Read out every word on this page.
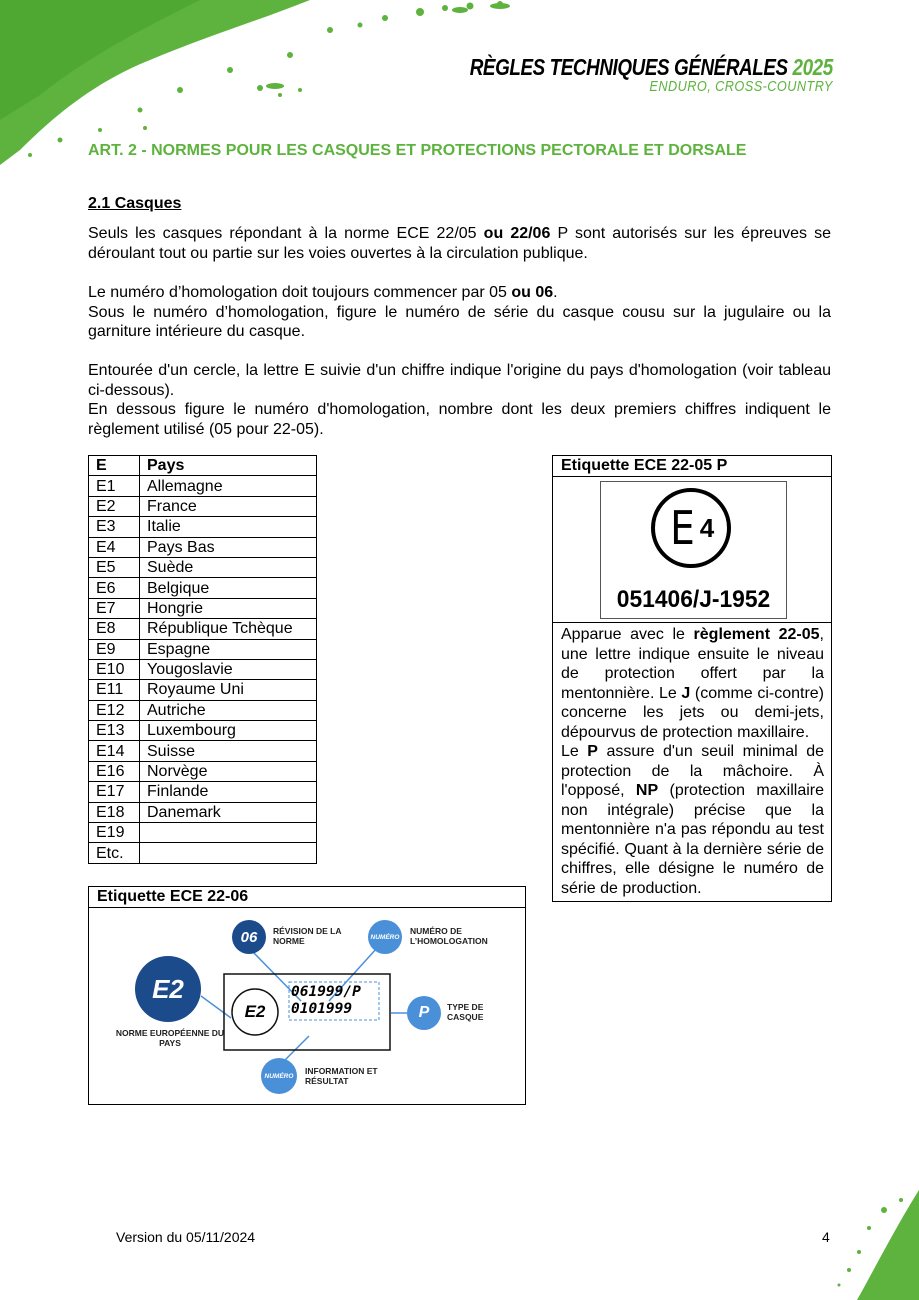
RÈGLES TECHNIQUES GÉNÉRALES 2025
ENDURO, CROSS-COUNTRY
ART. 2 - NORMES POUR LES CASQUES ET PROTECTIONS PECTORALE ET DORSALE
2.1 Casques
Seuls les casques répondant à la norme ECE 22/05 ou 22/06 P sont autorisés sur les épreuves se déroulant tout ou partie sur les voies ouvertes à la circulation publique.
Le numéro d’homologation doit toujours commencer par 05 ou 06.
Sous le numéro d’homologation, figure le numéro de série du casque cousu sur la jugulaire ou la garniture intérieure du casque.
Entourée d'un cercle, la lettre E suivie d'un chiffre indique l'origine du pays d'homologation (voir tableau ci-dessous).
En dessous figure le numéro d'homologation, nombre dont les deux premiers chiffres indiquent le règlement utilisé (05 pour 22-05).
E	Pays
E1	Allemagne
E2	France
E3	Italie
E4	Pays Bas
E5	Suède
E6	Belgique
E7	Hongrie
E8	République Tchèque
E9	Espagne
E10	Yougoslavie
E11	Royaume Uni
E12	Autriche
E13	Luxembourg
E14	Suisse
E16	Norvège
E17	Finlande
E18	Danemark
E19	
Etc.	
Etiquette ECE 22-05 P
E 4
051406/J-1952
Apparue avec le règlement 22-05, une lettre indique ensuite le niveau de protection offert par la mentonnière. Le J (comme ci-contre) concerne les jets ou demi-jets, dépourvus de protection maxillaire.
Le P assure d'un seuil minimal de protection de la mâchoire. À l'opposé, NP (protection maxillaire non intégrale) précise que la mentonnière n'a pas répondu au test spécifié. Quant à la dernière série de chiffres, elle désigne le numéro de série de production.
Etiquette ECE 22-06
06	RÉVISION DE LA NORME	NUMÉRO
NUMÉRO DE L’HOMOLOGATION
E2
NORME EUROPÉENNE DU PAYS
E2
061999/P
0101999	P	TYPE DE CASQUE
NUMÉRO	INFORMATION ET RÉSULTAT
Version du 05/11/2024	4
